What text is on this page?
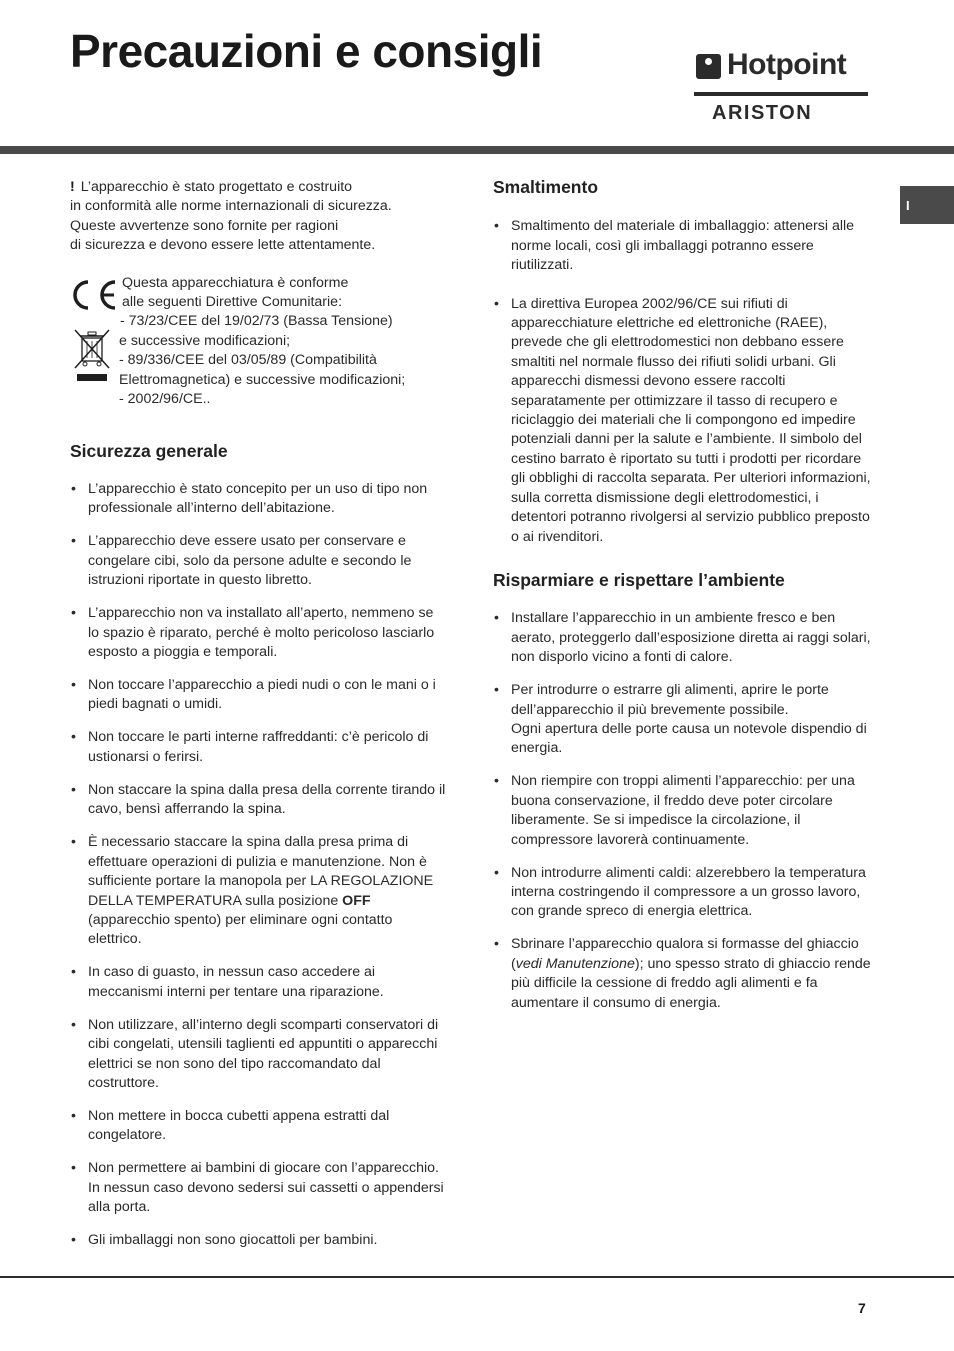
Precauzioni e consigli	Hotpoint
ARISTON
I

! L’apparecchio è stato progettato e costruito
in conformità alle norme internazionali di sicurezza.
Queste avvertenze sono fornite per ragioni
di sicurezza e devono essere lette attentamente.

Questa apparecchiatura è conforme
alle seguenti Direttive Comunitarie:
- 73/23/CEE del 19/02/73 (Bassa Tensione)
e successive modificazioni;
- 89/336/CEE del 03/05/89 (Compatibilità
Elettromagnetica) e successive modificazioni;
- 2002/96/CE..
Sicurezza generale
• L’apparecchio è stato concepito per un uso di tipo non professionale all’interno dell’abitazione.
• L’apparecchio deve essere usato per conservare e congelare cibi, solo da persone adulte e secondo le istruzioni riportate in questo libretto.
• L’apparecchio non va installato all’aperto, nemmeno se lo spazio è riparato, perché è molto pericoloso lasciarlo esposto a pioggia e temporali.
• Non toccare l’apparecchio a piedi nudi o con le mani o i piedi bagnati o umidi.
• Non toccare le parti interne raffreddanti: c’è pericolo di ustionarsi o ferirsi.
• Non staccare la spina dalla presa della corrente tirando il cavo, bensì afferrando la spina.
• È necessario staccare la spina dalla presa prima di effettuare operazioni di pulizia e manutenzione. Non è sufficiente portare la manopola per LA REGOLAZIONE DELLA TEMPERATURA sulla posizione OFF (apparecchio spento) per eliminare ogni contatto elettrico.
• In caso di guasto, in nessun caso accedere ai meccanismi interni per tentare una riparazione.
• Non utilizzare, all’interno degli scomparti conservatori di cibi congelati, utensili taglienti ed appuntiti o apparecchi elettrici se non sono del tipo raccomandato dal costruttore.
• Non mettere in bocca cubetti appena estratti dal congelatore.
• Non permettere ai bambini di giocare con l’apparecchio. In nessun caso devono sedersi sui cassetti o appendersi alla porta.
• Gli imballaggi non sono giocattoli per bambini.
Smaltimento
• Smaltimento del materiale di imballaggio: attenersi alle norme locali, così gli imballaggi potranno essere riutilizzati.
• La direttiva Europea 2002/96/CE sui rifiuti di apparecchiature elettriche ed elettroniche (RAEE), prevede che gli elettrodomestici non debbano essere smaltiti nel normale flusso dei rifiuti solidi urbani. Gli apparecchi dismessi devono essere raccolti separatamente per ottimizzare il tasso di recupero e riciclaggio dei materiali che li compongono ed impedire potenziali danni per la salute e l’ambiente. Il simbolo del cestino barrato è riportato su tutti i prodotti per ricordare gli obblighi di raccolta separata. Per ulteriori informazioni, sulla corretta dismissione degli elettrodomestici, i detentori potranno rivolgersi al servizio pubblico preposto o ai rivenditori.
Risparmiare e rispettare l’ambiente
• Installare l’apparecchio in un ambiente fresco e ben aerato, proteggerlo dall’esposizione diretta ai raggi solari, non disporlo vicino a fonti di calore.
• Per introdurre o estrarre gli alimenti, aprire le porte dell’apparecchio il più brevemente possibile.
Ogni apertura delle porte causa un notevole dispendio di energia.
• Non riempire con troppi alimenti l’apparecchio: per una buona conservazione, il freddo deve poter circolare liberamente. Se si impedisce la circolazione, il compressore lavorerà continuamente.
• Non introdurre alimenti caldi: alzerebbero la temperatura interna costringendo il compressore a un grosso lavoro, con grande spreco di energia elettrica.
• Sbrinare l’apparecchio qualora si formasse del ghiaccio (vedi Manutenzione); uno spesso strato di ghiaccio rende più difficile la cessione di freddo agli alimenti e fa aumentare il consumo di energia.
7
